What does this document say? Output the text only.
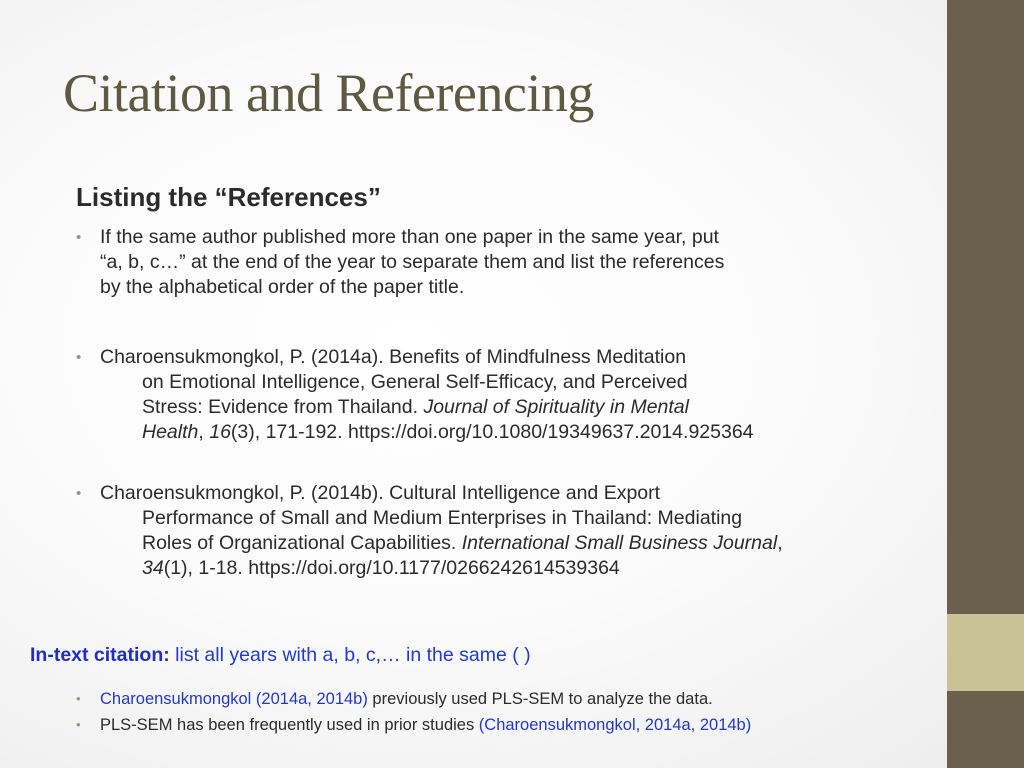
Citation and Referencing
Listing the “References”
• If the same author published more than one paper in the same year, put
“a, b, c…” at the end of the year to separate them and list the references
by the alphabetical order of the paper title.
• Charoensukmongkol, P. (2014a). Benefits of Mindfulness Meditation
on Emotional Intelligence, General Self-Efficacy, and Perceived
Stress: Evidence from Thailand. Journal of Spirituality in Mental
Health, 16(3), 171-192. https://doi.org/10.1080/19349637.2014.925364
• Charoensukmongkol, P. (2014b). Cultural Intelligence and Export
Performance of Small and Medium Enterprises in Thailand: Mediating
Roles of Organizational Capabilities. International Small Business Journal,
34(1), 1-18. https://doi.org/10.1177/0266242614539364
In-text citation: list all years with a, b, c,… in the same ( )
• Charoensukmongkol (2014a, 2014b) previously used PLS-SEM to analyze the data.
• PLS-SEM has been frequently used in prior studies (Charoensukmongkol, 2014a, 2014b)
